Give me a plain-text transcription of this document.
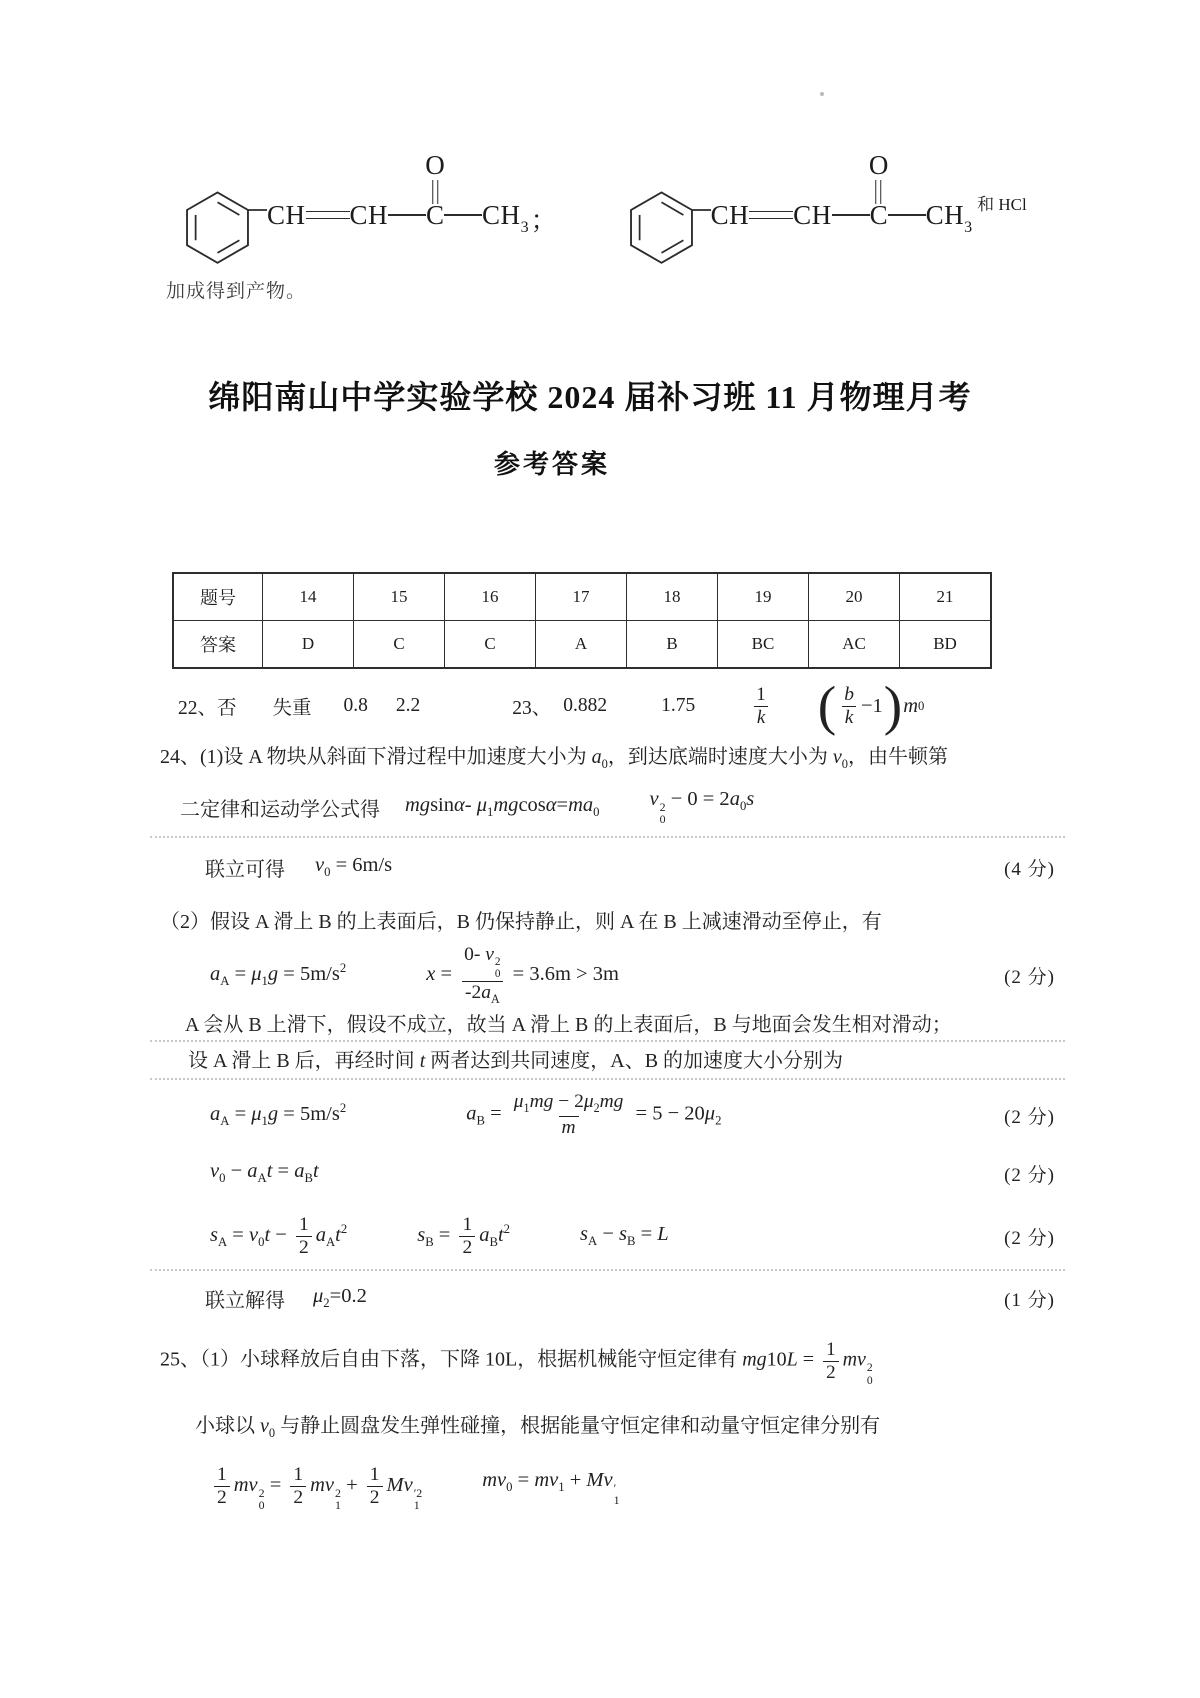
CH CH
O
C CH 3 ；	CH CH
O
C CH 3
和 HCl
加成得到产物。
绵阳南山中学实验学校 2024 届补习班 11 月物理月考
参考答案
题号	14	15	16	17	18	19	20	21
答案	D	C	C	A	B	BC	AC	BD
22、否 失重 0.8 2.2	23、 0.882	1.75
1
k ( b
k
−1 ) m 0
24、(1)设 A 物块从斜面下滑过程中加速度大小为 $a_0$，到达底端时速度大小为 $v_0$，由牛顿第
二定律和运动学公式得 mgsinα- $\mu_1mgcos\alpha=ma_0$
v 2
0
− $0 = 2a_0s$
联立可得 $v_0 = 6m/s$	(4 分)
（2）假设 A 滑上 B 的上表面后，B 仍保持静止，则 A 在 B 上减速滑动至停止，有
$a_A = \mu_1g = 5m/s^2$	x = 0- v 2
0
$-2a_A = 3.6m > 3m$	(2 分)
A 会从 B 上滑下，假设不成立，故当 A 滑上 B 的上表面后，B 与地面会发生相对滑动；
设 A 滑上 B 后，再经时间 t 两者达到共同速度，A、B 的加速度大小分别为
$a_A = \mu_1g = 5m/s^2$	$a_B = \frac{\mu_1mg - 2\mu_2mg}{m} = 5 - 20\mu_2$	(2 分)
$v_0 - a_At = a_Bt$	(2 分)
$s_A = v_0t - \frac{1}{2} a_At^2$	$s_B = \frac{1}{2} a_Bt^2$	$s_A - s_B = L$	(2 分)
联立解得 $\mu_2=0.2$	(1 分)
25、（1）小球释放后自由下落，下降 10L，根据机械能守恒定律有 $mg10L = \frac{1}{2}$ mv 2
0
小球以 $v_0$ 与静止圆盘发生弹性碰撞，根据能量守恒定律和动量守恒定律分别有
$\frac{1}{2}$ mv 2
0
= $\frac{1}{2}$ mv 2
1
+ $\frac{1}{2}$ Mv ′2
1
$mv_0 = mv_1 + Mv$ ′
1
